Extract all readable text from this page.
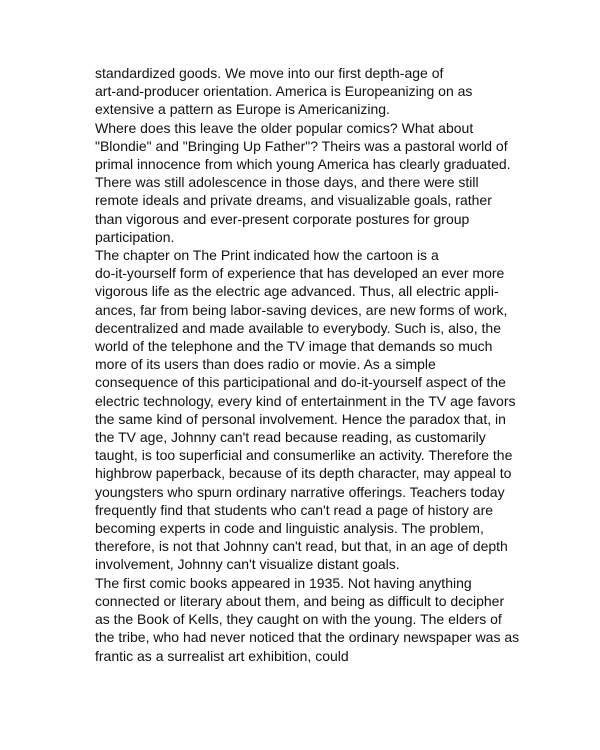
standardized goods. We move into our first depth-age of
art-and-producer orientation. America is Europeanizing on as
extensive a pattern as Europe is Americanizing.
Where does this leave the older popular comics? What about
"Blondie" and "Bringing Up Father"? Theirs was a pastoral world of
primal innocence from which young America has clearly graduated.
There was still adolescence in those days, and there were still
remote ideals and private dreams, and visualizable goals, rather
than vigorous and ever-present corporate postures for group
participation.
The chapter on The Print indicated how the cartoon is a
do-it-yourself form of experience that has developed an ever more
vigorous life as the electric age advanced. Thus, all electric appli-
ances, far from being labor-saving devices, are new forms of work,
decentralized and made available to everybody. Such is, also, the
world of the telephone and the TV image that demands so much
more of its users than does radio or movie. As a simple
consequence of this participational and do-it-yourself aspect of the
electric technology, every kind of entertainment in the TV age favors
the same kind of personal involvement. Hence the paradox that, in
the TV age, Johnny can't read because reading, as customarily
taught, is too superficial and consumerlike an activity. Therefore the
highbrow paperback, because of its depth character, may appeal to
youngsters who spurn ordinary narrative offerings. Teachers today
frequently find that students who can't read a page of history are
becoming experts in code and linguistic analysis. The problem,
therefore, is not that Johnny can't read, but that, in an age of depth
involvement, Johnny can't visualize distant goals.
The first comic books appeared in 1935. Not having anything
connected or literary about them, and being as difficult to decipher
as the Book of Kells, they caught on with the young. The elders of
the tribe, who had never noticed that the ordinary newspaper was as
frantic as a surrealist art exhibition, could
